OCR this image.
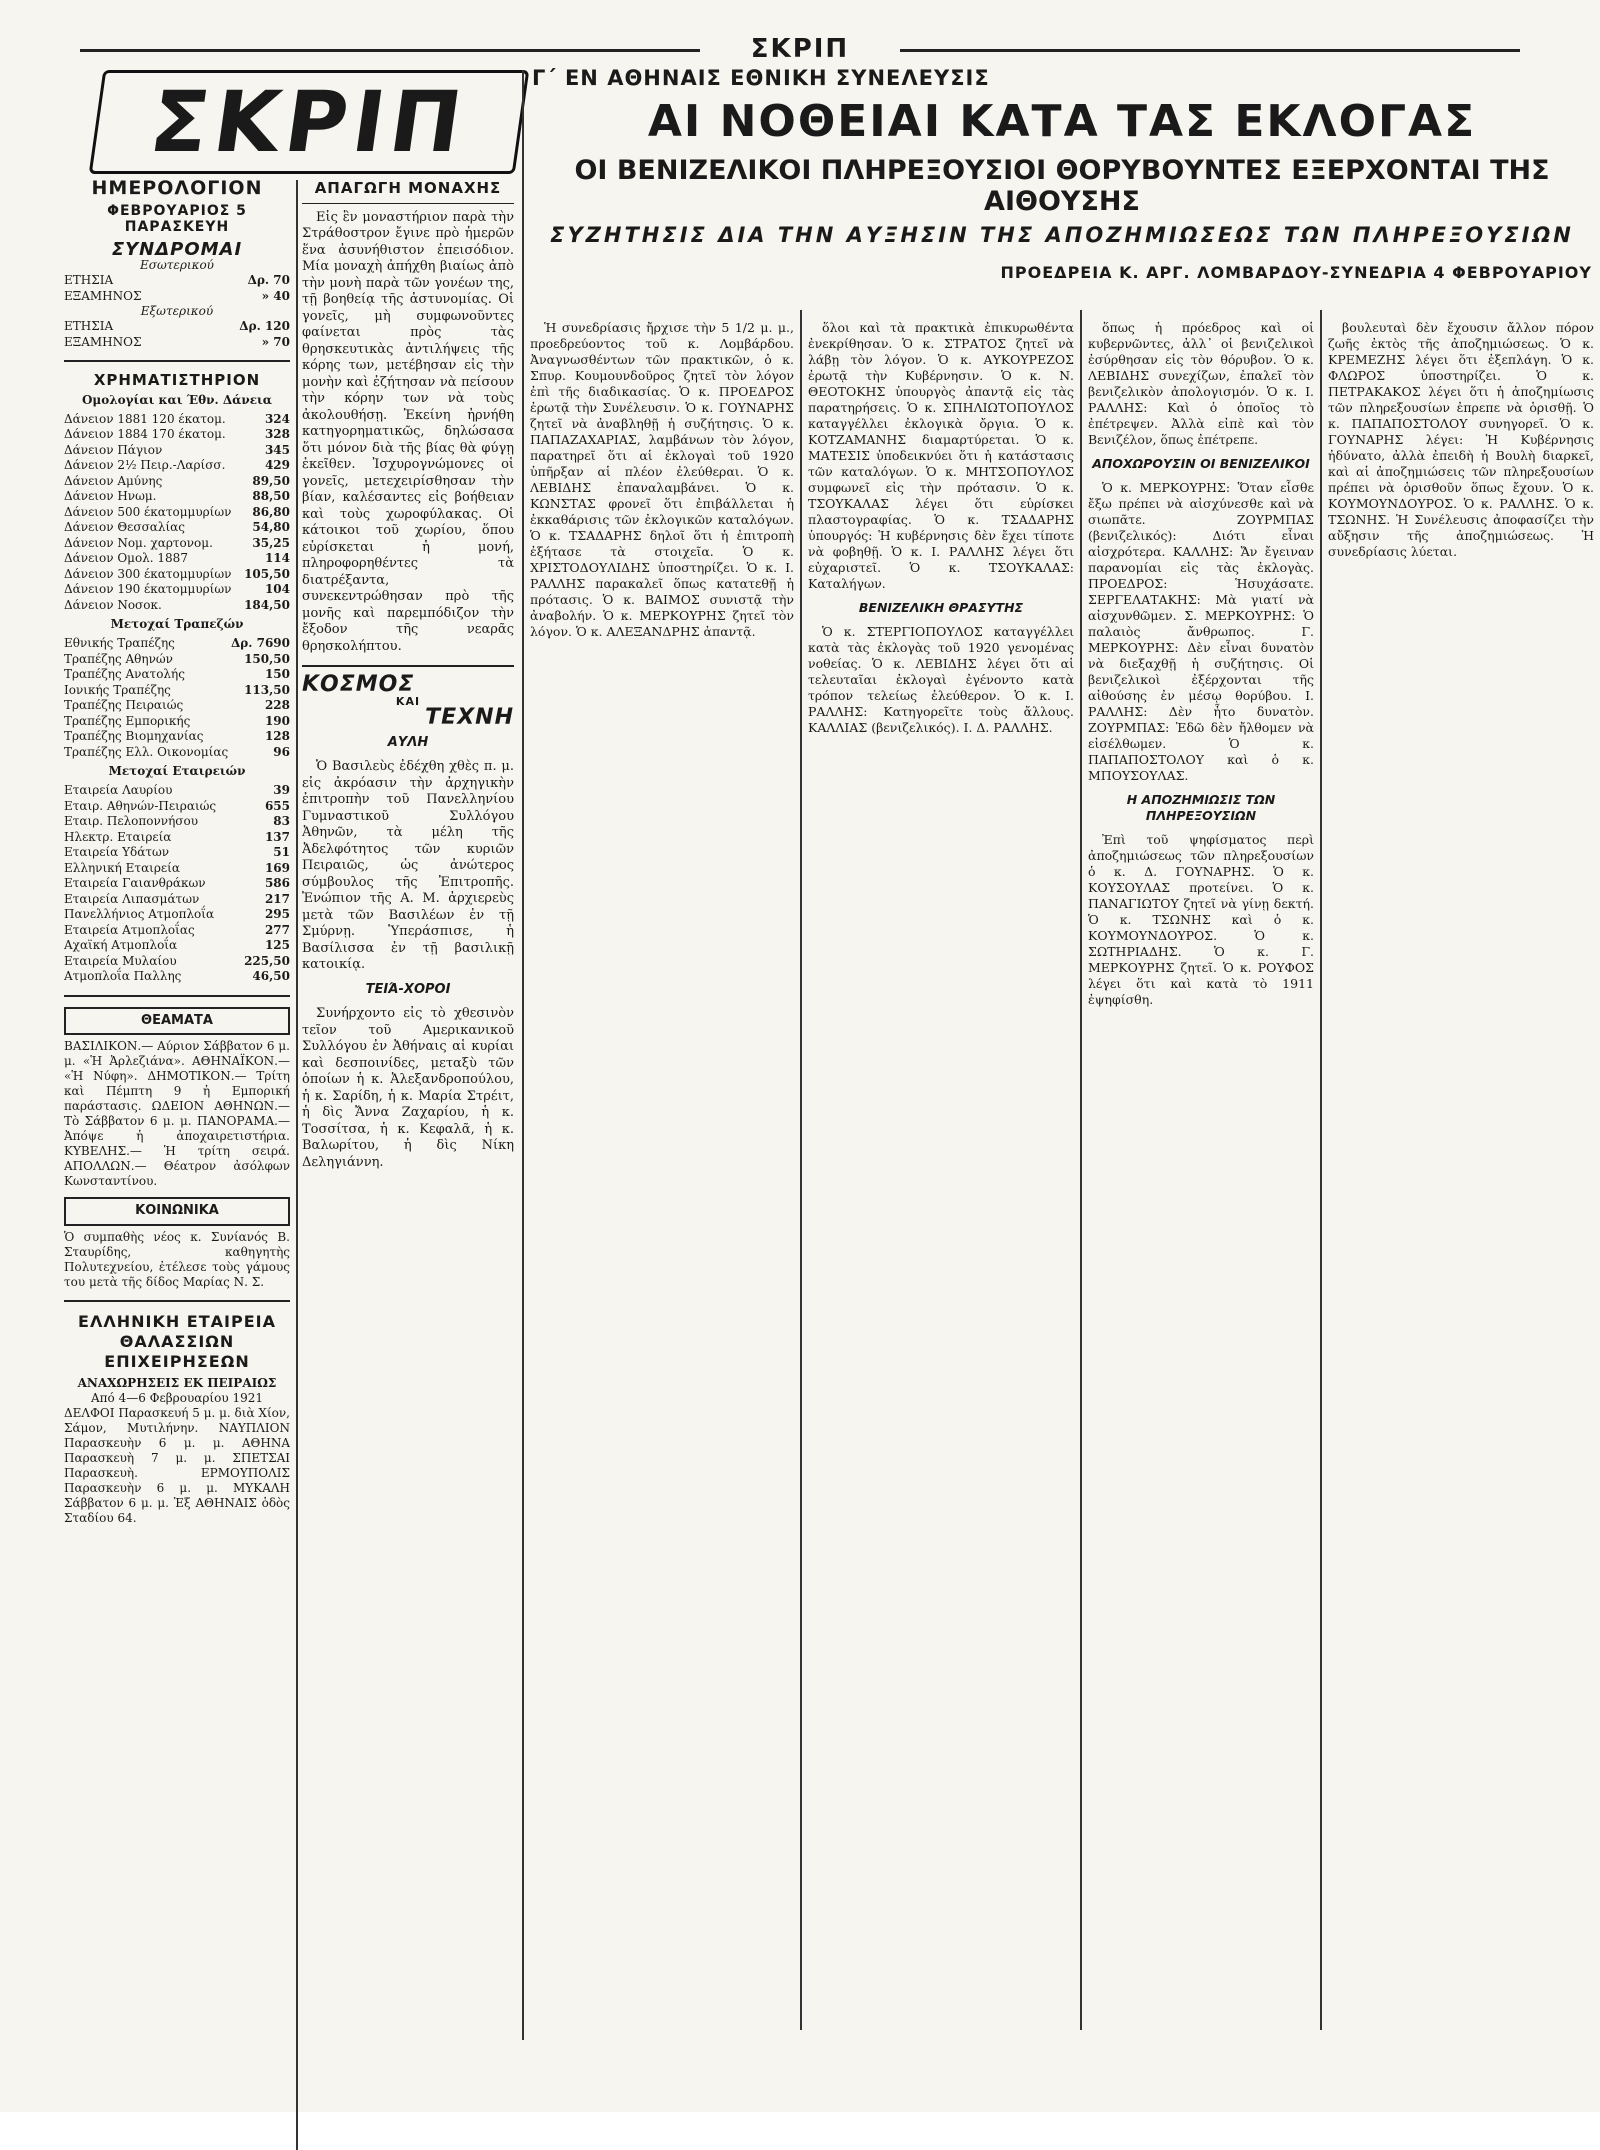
ΣΚΡΙΠ
ΣΚΡΙΠ
ΗΜΕΡΟΛΟΓΙΟΝ
ΦΕΒΡΟΥΑΡΙΟΣ 5 ΠΑΡΑΣΚΕΥΗ
ΣΥΝΔΡΟΜΑΙ
Εσωτερικού
ΕΤΗΣΙΑ	Δρ. 70
ΕΞΑΜΗΝΟΣ	» 40
Εξωτερικού
ΕΤΗΣΙΑ	Δρ. 120
ΕΞΑΜΗΝΟΣ	» 70
ΧΡΗΜΑΤΙΣΤΗΡΙΟΝ
Ομολογίαι και Έθν. Δάνεια
Δάνειον 1881 120 έκατομ.	324
Δάνειον 1884 170 έκατομ.	328
Δάνειον Πάγιον	345
Δάνειον 2½ Πειρ.-Λαρίσσ.	429
Δάνειον Αμύνης	89,50
Δάνειον Ηνωμ.	88,50
Δάνειον 500 έκατομμυρίων 86,80
Δάνειον Θεσσαλίας	54,80
Δάνειον Νομ. χαρτονομ.	35,25
Δάνειον Ομολ. 1887	114
Δάνειον 300 έκατομμυρίων 105,50
Δάνειον 190 έκατομμυρίων	104
Δάνειον Νοσοκ.	184,50
Μετοχαί Τραπεζών
Εθνικής Τραπέζης	Δρ. 7690
Τραπέζης Αθηνών	150,50
Τραπέζης Ανατολής	150
Ιονικής Τραπέζης	113,50
Τραπέζης Πειραιώς	228
Τραπέζης Εμπορικής	190
Τραπέζης Βιομηχανίας	128
Τραπέζης Ελλ. Οικονομίας	96
Μετοχαί Εταιρειών
Εταιρεία Λαυρίου	39
Εταιρ. Αθηνών-Πειραιώς	655
Εταιρ. Πελοποννήσου	83
Ηλεκτρ. Εταιρεία	137
Εταιρεία Υδάτων	51
Ελληνική Εταιρεία	169
Εταιρεία Γαιανθράκων	586
Εταιρεία Λιπασμάτων	217
Πανελλήνιος Ατμοπλοΐα	295
Εταιρεία Ατμοπλοΐας	277
Αχαϊκή Ατμοπλοΐα	125
Εταιρεία Μυλαίου	225,50
Ατμοπλοΐα Παλλης	46,50
ΘΕΑΜΑΤΑ
ΒΑΣΙΛΙΚΟΝ.— Αύριον Σάββατον 6 μ. μ. «Ἡ Ἀρλεζιάνα». ΑΘΗΝΑΪΚΟΝ.— «Ἡ Νύφη». ΔΗΜΟΤΙΚΟΝ.— Τρίτη καὶ Πέμπτη 9 ἡ Εμπορική παράστασις. ΩΔΕΙΟΝ ΑΘΗΝΩΝ.— Τὸ Σάββατον 6 μ. μ. ΠΑΝΟΡΑΜΑ.— Ἀπόψε ἡ ἀποχαιρετιστήρια. ΚΥΒΕΛΗΣ.— Ἡ τρίτη σειρά. ΑΠΟΛΛΩΝ.— Θέατρον ἀσόλφων Κωνσταντίνου.
ΚΟΙΝΩΝΙΚΑ
Ὁ συμπαθὴς νέος κ. Συνίανός Β. Σταυρίδης, καθηγητὴς Πολυτεχνείου, ἐτέλεσε τοὺς γάμους του μετὰ τῆς δίδος Μαρίας Ν. Σ.
ΕΛΛΗΝΙΚΗ ΕΤΑΙΡΕΙΑ ΘΑΛΑΣΣΙΩΝ ΕΠΙΧΕΙΡΗΣΕΩΝ
ΑΝΑΧΩΡΗΣΕΙΣ ΕΚ ΠΕΙΡΑΙΩΣ
Από 4—6 Φεβρουαρίου 1921
ΔΕΛΦΟΙ Παρασκευή 5 μ. μ. διὰ Χίον, Σάμον, Μυτιλήνην. ΝΑΥΠΛΙΟΝ Παρασκευὴν 6 μ. μ. ΑΘΗΝΑ Παρασκευὴ 7 μ. μ. ΣΠΕΤΣΑΙ Παρασκευὴ. ΕΡΜΟΥΠΟΛΙΣ Παρασκευὴν 6 μ. μ. ΜΥΚΑΛΗ Σάββατον 6 μ. μ. Ἐξ ΑΘΗΝΑΙΣ ὁδὸς Σταδίου 64.
ΑΠΑΓΩΓΗ ΜΟΝΑΧΗΣ

Εἰς ἓν μοναστήριον παρὰ τὴν Στράθοστρον ἔγινε πρὸ ἡμερῶν ἕνα ἀσυνήθιστον ἐπεισόδιον. Μία μοναχὴ ἀπήχθη βιαίως ἀπὸ τὴν μονὴ παρὰ τῶν γονέων της, τῇ βοηθείᾳ τῆς ἀστυνομίας. Οἱ γονεῖς, μὴ συμφωνοῦντες φαίνεται πρὸς τὰς θρησκευτικὰς ἀντιλήψεις τῆς κόρης των, μετέβησαν εἰς τὴν μονὴν καὶ ἐζήτησαν νὰ πείσουν τὴν κόρην των νὰ τοὺς ἀκολουθήσῃ. Ἐκείνη ἠρνήθη κατηγορηματικῶς, δηλώσασα ὅτι μόνον διὰ τῆς βίας θὰ φύγῃ ἐκεῖθεν. Ἰσχυρογνώμονες οἱ γονεῖς, μετεχειρίσθησαν τὴν βίαν, καλέσαντες εἰς βοήθειαν καὶ τοὺς χωροφύλακας. Οἱ κάτοικοι τοῦ χωρίου, ὅπου εὑρίσκεται ἡ μονή, πληροφορηθέντες τὰ διατρέξαντα, συνεκεντρώθησαν πρὸ τῆς μονῆς καὶ παρεμπόδιζον τὴν ἔξοδον τῆς νεαρᾶς θρησκολήπτου.

ΚΟΣΜΟΣ
ΚΑΙ
ΤΕΧΝΗ
ΑΥΛΗ

Ὁ Βασιλεὺς ἐδέχθη χθὲς π. μ. εἰς ἀκρόασιν τὴν ἀρχηγικὴν ἐπιτροπὴν τοῦ Πανελληνίου Γυμναστικοῦ Συλλόγου Ἀθηνῶν, τὰ μέλη τῆς Ἀδελφότητος τῶν κυριῶν Πειραιῶς, ὡς ἀνώτερος σύμβουλος τῆς Ἐπιτροπῆς. Ἐνώπιον τῆς Α. Μ. ἀρχιερεὺς μετὰ τῶν Βασιλέων ἐν τῇ Σμύρνῃ. Ὑπεράσπισε, ἡ Βασίλισσα ἐν τῇ βασιλικῇ κατοικίᾳ.

ΤΕΙΆ-ΧΟΡΟΙ

Συνήρχοντο εἰς τὸ χθεσινὸν τεῖον τοῦ Αμερικανικοῦ Συλλόγου ἐν Ἀθήναις αἱ κυρίαι καὶ δεσποινίδες, μεταξὺ τῶν ὁποίων ἡ κ. Ἀλεξανδροπούλου, ἡ κ. Σαρίδη, ἡ κ. Μαρία Στρέιτ, ἡ δὶς Ἄννα Ζαχαρίου, ἡ κ. Τοσσίτσα, ἡ κ. Κεφαλᾶ, ἡ κ. Βαλωρίτου, ἡ δὶς Νίκη Δεληγιάννη.

Γ΄ ΕΝ ΑΘΗΝΑΙΣ ΕΘΝΙΚΗ ΣΥΝΕΛΕΥΣΙΣ
ΑΙ ΝΟΘΕΙΑΙ ΚΑΤΑ ΤΑΣ ΕΚΛΟΓΑΣ
ΟΙ ΒΕΝΙΖΕΛΙΚΟΙ ΠΛΗΡΕΞΟΥΣΙΟΙ ΘΟΡΥΒΟΥΝΤΕΣ ΕΞΕΡΧΟΝΤΑΙ ΤΗΣ ΑΙΘΟΥΣΗΣ
ΣΥΖΗΤΗΣΙΣ ΔΙΑ ΤΗΝ ΑΥΞΗΣΙΝ ΤΗΣ ΑΠΟΖΗΜΙΩΣΕΩΣ ΤΩΝ ΠΛΗΡΕΞΟΥΣΙΩΝ
ΠΡΟΕΔΡΕΙΑ Κ. ΑΡΓ. ΛΟΜΒΑΡΔΟΥ-ΣΥΝΕΔΡΙΑ 4 ΦΕΒΡΟΥΑΡΙΟΥ

Ἡ συνεδρίασις ἤρχισε τὴν 5 1/2 μ. μ., προεδρεύοντος τοῦ κ. Λομβάρδου. Ἀναγνωσθέντων τῶν πρακτικῶν, ὁ κ. Σπυρ. Κουμουνδοῦρος ζητεῖ τὸν λόγον ἐπὶ τῆς διαδικασίας. Ὁ κ. ΠΡΟΕΔΡΟΣ ἐρωτᾷ τὴν Συνέλευσιν. Ὁ κ. ΓΟΥΝΑΡΗΣ ζητεῖ νὰ ἀναβληθῇ ἡ συζήτησις. Ὁ κ. ΠΑΠΑΖΑΧΑΡΙΑΣ, λαμβάνων τὸν λόγον, παρατηρεῖ ὅτι αἱ ἐκλογαὶ τοῦ 1920 ὑπῆρξαν αἱ πλέον ἐλεύθεραι. Ὁ κ. ΛΕΒΙΔΗΣ ἐπαναλαμβάνει. Ὁ κ. ΚΩΝΣΤΑΣ φρονεῖ ὅτι ἐπιβάλλεται ἡ ἐκκαθάρισις τῶν ἐκλογικῶν καταλόγων. Ὁ κ. ΤΣΑΔΑΡΗΣ δηλοῖ ὅτι ἡ ἐπιτροπὴ ἐξήτασε τὰ στοιχεῖα. Ὁ κ. ΧΡΙΣΤΟΔΟΥΛΙΔΗΣ ὑποστηρίζει. Ὁ κ. Ι. ΡΑΛΛΗΣ παρακαλεῖ ὅπως κατατεθῇ ἡ πρότασις. Ὁ κ. ΒΑΙΜΟΣ συνιστᾷ τὴν ἀναβολήν. Ὁ κ. ΜΕΡΚΟΥΡΗΣ ζητεῖ τὸν λόγον. Ὁ κ. ΑΛΕΞΑΝΔΡΗΣ ἀπαντᾷ.

ὅλοι καὶ τὰ πρακτικὰ ἐπικυρωθέντα ἐνεκρίθησαν. Ὁ κ. ΣΤΡΑΤΟΣ ζητεῖ νὰ λάβῃ τὸν λόγον. Ὁ κ. ΑΥΚΟΥΡΕΖΟΣ ἐρωτᾷ τὴν Κυβέρνησιν. Ὁ κ. Ν. ΘΕΟΤΟΚΗΣ ὑπουργὸς ἀπαντᾷ εἰς τὰς παρατηρήσεις. Ὁ κ. ΣΠΗΛΙΩΤΟΠΟΥΛΟΣ καταγγέλλει ἐκλογικὰ ὄργια. Ὁ κ. ΚΟΤΖΑΜΑΝΗΣ διαμαρτύρεται. Ὁ κ. ΜΑΤΕΣΙΣ ὑποδεικνύει ὅτι ἡ κατάστασις τῶν καταλόγων. Ὁ κ. ΜΗΤΣΟΠΟΥΛΟΣ συμφωνεῖ εἰς τὴν πρότασιν. Ὁ κ. ΤΣΟΥΚΑΛΑΣ λέγει ὅτι εὑρίσκει πλαστογραφίας. Ὁ κ. ΤΣΑΔΑΡΗΣ ὑπουργός: Ἡ κυβέρνησις δὲν ἔχει τίποτε νὰ φοβηθῇ. Ὁ κ. Ι. ΡΑΛΛΗΣ λέγει ὅτι εὐχαριστεῖ. Ὁ κ. ΤΣΟΥΚΑΛΑΣ: Καταλήγων.

ΒΕΝΙΖΕΛΙΚΗ ΘΡΑΣΥΤΗΣ

Ὁ κ. ΣΤΕΡΓΙΟΠΟΥΛΟΣ καταγγέλλει κατὰ τὰς ἐκλογὰς τοῦ 1920 γενομένας νοθείας. Ὁ κ. ΛΕΒΙΔΗΣ λέγει ὅτι αἱ τελευταῖαι ἐκλογαὶ ἐγένοντο κατὰ τρόπον τελείως ἐλεύθερον. Ὁ κ. Ι. ΡΑΛΛΗΣ: Κατηγορεῖτε τοὺς ἄλλους. ΚΑΛΛΙΑΣ (βενιζελικός). Ι. Δ. ΡΑΛΛΗΣ.

ὅπως ἡ πρόεδρος καὶ οἱ κυβερνῶντες, ἀλλ᾽ οἱ βενιζελικοὶ ἐσύρθησαν εἰς τὸν θόρυβον. Ὁ κ. ΛΕΒΙΔΗΣ συνεχίζων, ἐπαλεῖ τὸν βενιζελικὸν ἀπολογισμόν. Ὁ κ. Ι. ΡΑΛΛΗΣ: Καὶ ὁ ὁποῖος τὸ ἐπέτρεψεν. Ἀλλὰ εἰπὲ καὶ τὸν Βενιζέλον, ὅπως ἐπέτρεπε.

ΑΠΟΧΩΡΟΥΣΙΝ ΟΙ ΒΕΝΙΖΕΛΙΚΟΙ

Ὁ κ. ΜΕΡΚΟΥΡΗΣ: Ὅταν εἶσθε ἔξω πρέπει νὰ αἰσχύνεσθε καὶ νὰ σιωπᾶτε. ΖΟΥΡΜΠΑΣ (βενιζελικός): Διότι εἶναι αἰσχρότερα. ΚΑΛΛΗΣ: Ἄν ἔγειναν παρανομίαι εἰς τὰς ἐκλογὰς. ΠΡΟΕΔΡΟΣ: Ἡσυχάσατε. ΣΕΡΓΕΛΑΤΑΚΗΣ: Μὰ γιατί νὰ αἰσχυνθῶμεν. Σ. ΜΕΡΚΟΥΡΗΣ: Ὁ παλαιὸς ἄνθρωπος. Γ. ΜΕΡΚΟΥΡΗΣ: Δὲν εἶναι δυνατὸν νὰ διεξαχθῇ ἡ συζήτησις. Οἱ βενιζελικοὶ ἐξέρχονται τῆς αἰθούσης ἐν μέσῳ θορύβου. Ι. ΡΑΛΛΗΣ: Δὲν ἦτο δυνατὸν. ΖΟΥΡΜΠΑΣ: Ἐδῶ δὲν ἤλθομεν νὰ εἰσέλθωμεν. Ὁ κ. ΠΑΠΑΠΟΣΤΟΛΟΥ καὶ ὁ κ. ΜΠΟΥΣΟΥΛΑΣ.

Η ΑΠΟΖΗΜΙΩΣΙΣ ΤΩΝ ΠΛΗΡΕΞΟΥΣΙΩΝ

Ἐπὶ τοῦ ψηφίσματος περὶ ἀποζημιώσεως τῶν πληρεξουσίων ὁ κ. Δ. ΓΟΥΝΑΡΗΣ. Ὁ κ. ΚΟΥΣΟΥΛΑΣ προτείνει. Ὁ κ. ΠΑΝΑΓΙΩΤΟΥ ζητεῖ νὰ γίνῃ δεκτή. Ὁ κ. ΤΣΩΝΗΣ καὶ ὁ κ. ΚΟΥΜΟΥΝΔΟΥΡΟΣ. Ὁ κ. ΣΩΤΗΡΙΑΔΗΣ. Ὁ κ. Γ. ΜΕΡΚΟΥΡΗΣ ζητεῖ. Ὁ κ. ΡΟΥΦΟΣ λέγει ὅτι καὶ κατὰ τὸ 1911 ἐψηφίσθη.

βουλευταὶ δὲν ἔχουσιν ἄλλον πόρον ζωῆς ἐκτὸς τῆς ἀποζημιώσεως. Ὁ κ. ΚΡΕΜΕΖΗΣ λέγει ὅτι ἐξεπλάγη. Ὁ κ. ΦΛΩΡΟΣ ὑποστηρίζει. Ὁ κ. ΠΕΤΡΑΚΑΚΟΣ λέγει ὅτι ἡ ἀποζημίωσις τῶν πληρεξουσίων ἐπρεπε νὰ ὁρισθῇ. Ὁ κ. ΠΑΠΑΠΟΣΤΟΛΟΥ συνηγορεῖ. Ὁ κ. ΓΟΥΝΑΡΗΣ λέγει: Ἡ Κυβέρνησις ἠδύνατο, ἀλλὰ ἐπειδὴ ἡ Βουλὴ διαρκεῖ, καὶ αἱ ἀποζημιώσεις τῶν πληρεξουσίων πρέπει νὰ ὁρισθοῦν ὅπως ἔχουν. Ὁ κ. ΚΟΥΜΟΥΝΔΟΥΡΟΣ. Ὁ κ. ΡΑΛΛΗΣ. Ὁ κ. ΤΣΩΝΗΣ. Ἡ Συνέλευσις ἀποφασίζει τὴν αὔξησιν τῆς ἀποζημιώσεως. Ἡ συνεδρίασις λύεται.
